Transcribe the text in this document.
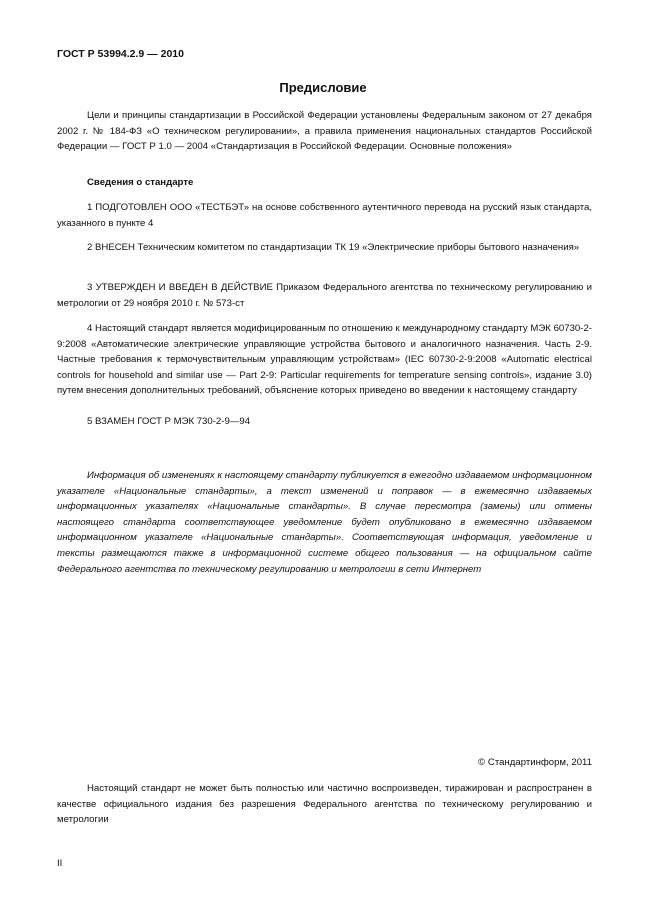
ГОСТ Р 53994.2.9 — 2010
Предисловие

Цели и принципы стандартизации в Российской Федерации установлены Федеральным законом от 27 декабря 2002 г. № 184-ФЗ «О техническом регулировании», а правила применения национальных стандартов Российской Федерации — ГОСТ Р 1.0 — 2004 «Стандартизация в Российской Федерации. Основные положения»

Сведения о стандарте

1 ПОДГОТОВЛЕН ООО «ТЕСТБЭТ» на основе собственного аутентичного перевода на русский язык стандарта, указанного в пункте 4

2 ВНЕСЕН Техническим комитетом по стандартизации ТК 19 «Электрические приборы бытового назначения»

3 УТВЕРЖДЕН И ВВЕДЕН В ДЕЙСТВИЕ Приказом Федерального агентства по техническому регулированию и метрологии от 29 ноября 2010 г. № 573-ст

4 Настоящий стандарт является модифицированным по отношению к международному стандарту МЭК 60730-2-9:2008 «Автоматические электрические управляющие устройства бытового и аналогичного назначения. Часть 2-9. Частные требования к термочувствительным управляющим устройствам» (IEC 60730-2-9:2008 «Automatic electrical controls for household and similar use — Part 2-9: Particular requirements for temperature sensing controls», издание 3.0) путем внесения дополнительных требований, объяснение которых приведено во введении к настоящему стандарту

5 ВЗАМЕН ГОСТ Р МЭК 730-2-9—94

Информация об изменениях к настоящему стандарту публикуется в ежегодно издаваемом информационном указателе «Национальные стандарты», а текст изменений и поправок — в ежемесячно издаваемых информационных указателях «Национальные стандарты». В случае пересмотра (замены) или отмены настоящего стандарта соответствующее уведомление будет опубликовано в ежемесячно издаваемом информационном указателе «Национальные стандарты». Соответствующая информация, уведомление и тексты размещаются также в информационной системе общего пользования — на официальном сайте Федерального агентства по техническому регулированию и метрологии в сети Интернет

© Стандартинформ, 2011

Настоящий стандарт не может быть полностью или частично воспроизведен, тиражирован и распространен в качестве официального издания без разрешения Федерального агентства по техническому регулированию и метрологии

II
